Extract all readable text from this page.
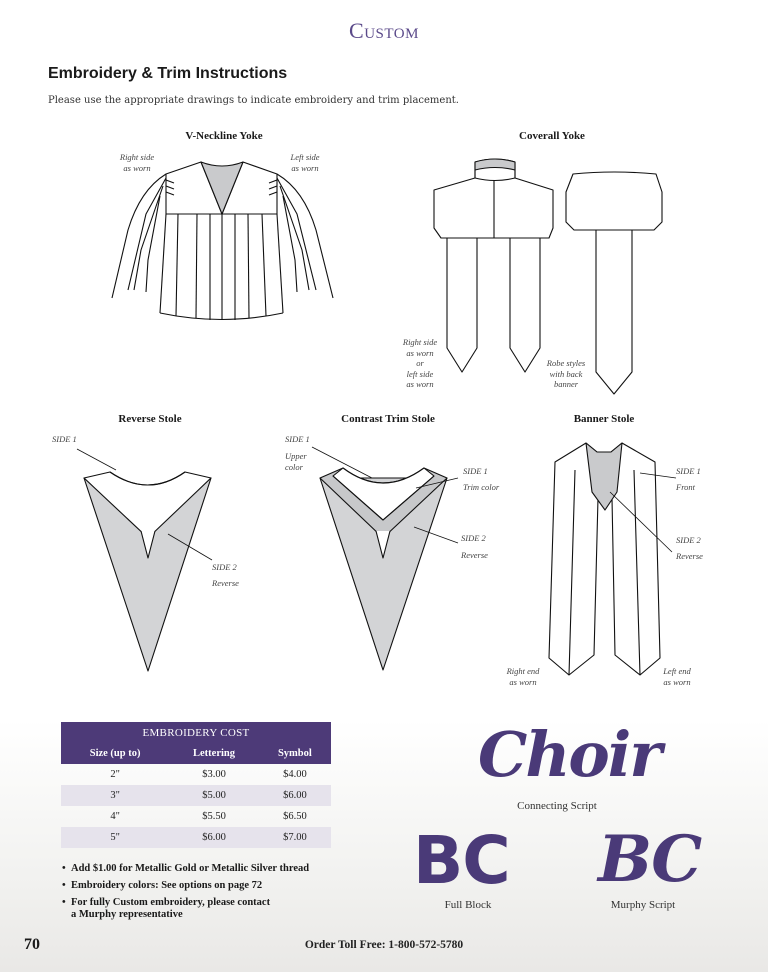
Custom
Embroidery & Trim Instructions
Please use the appropriate drawings to indicate embroidery and trim placement.
V-Neckline Yoke	Coverall Yoke
Reverse Stole	Contrast Trim Stole	Banner Stole
Right side
as worn
Left side
as worn
Right side
as worn
or
left side
as worn
Robe styles
with back
banner
SIDE 1
SIDE 2
Reverse
SIDE 1
Upper
color	SIDE 1
Trim color
SIDE 2
Reverse
SIDE 1
Front
SIDE 2
Reverse
Right end
as worn
Left end
as worn
EMBROIDERY COST		
Size (up to)	Lettering	Symbol
2"	$3.00	$4.00
3"	$5.00	$6.00
4"	$5.50	$6.50
5"	$6.00	$7.00
• Add $1.00 for Metallic Gold or Metallic Silver thread
• Embroidery colors: See options on page 72
• For fully Custom embroidery, please contact
a Murphy representative
Choir
Connecting Script
BC
Full Block
BC
Murphy Script
70	Order Toll Free: 1-800-572-5780
